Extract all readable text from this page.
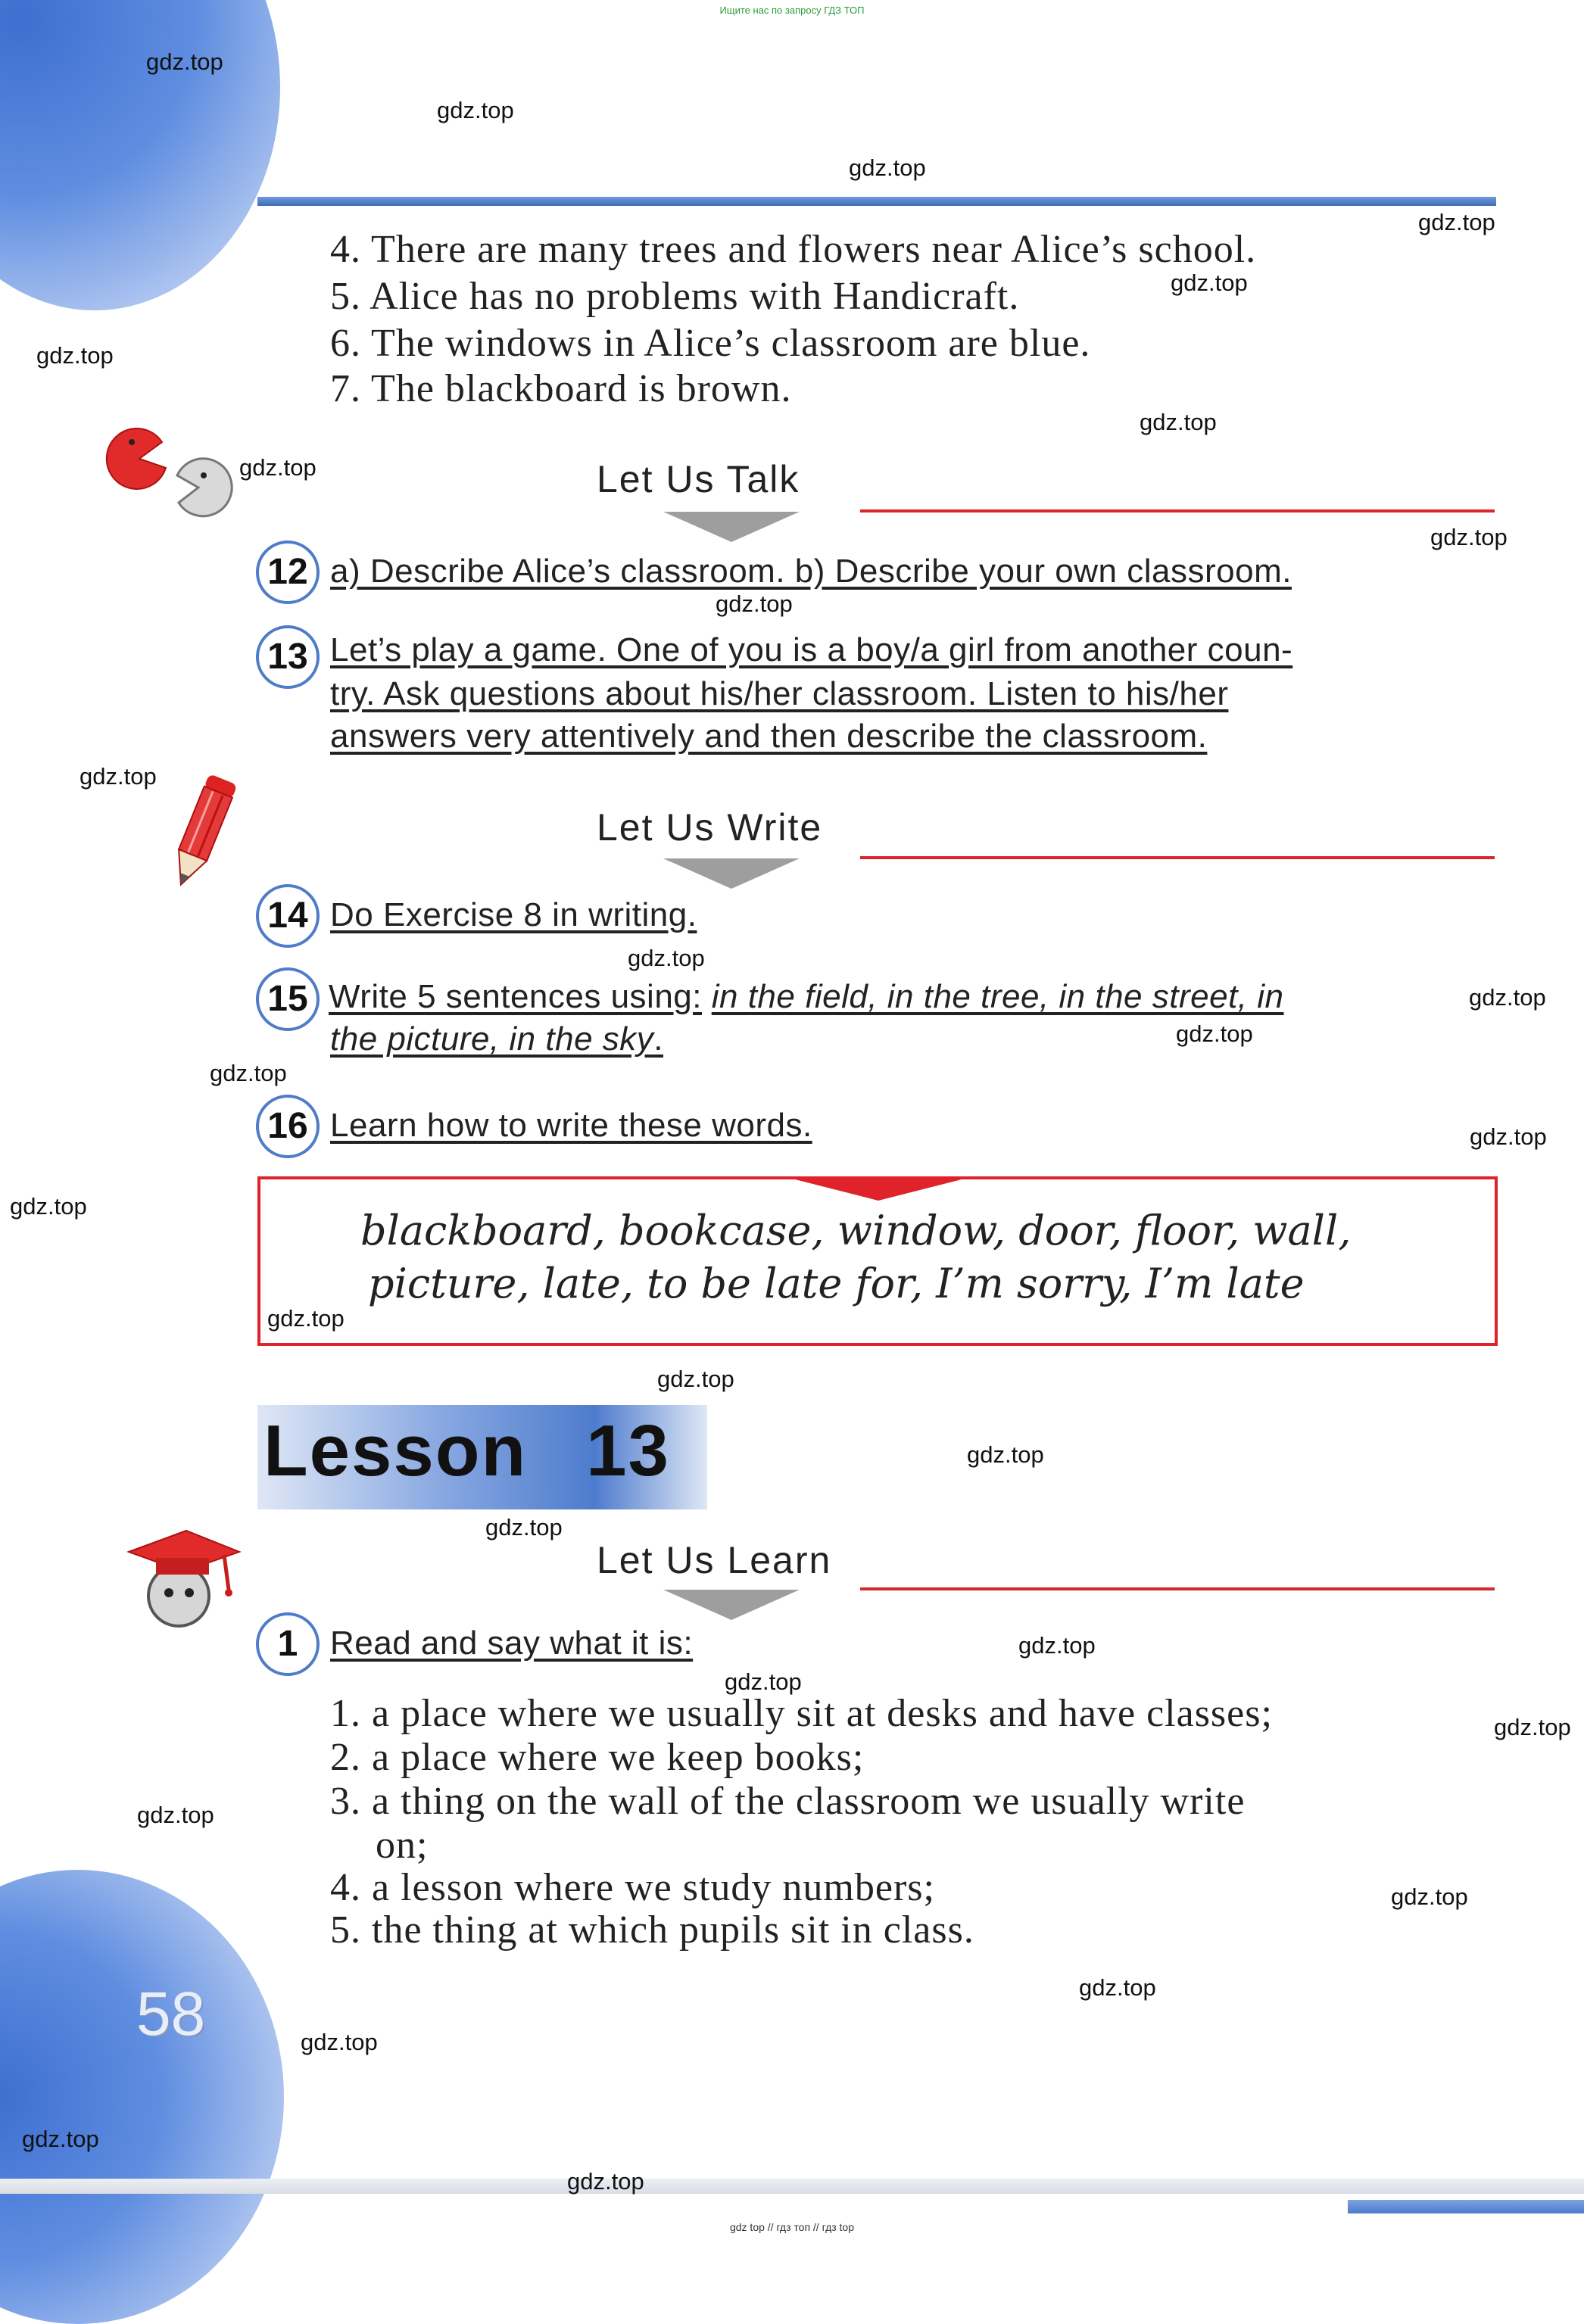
Ищите нас по запросу ГДЗ ТОП
4. There are many trees and flowers near Alice’s school.
5. Alice has no problems with Handicraft.
6. The windows in Alice’s classroom are blue.
7. The blackboard is brown.
Let Us Talk
12 a) Describe Alice’s classroom. b) Describe your own classroom.
13 Let’s play a game. One of you is a boy/a girl from another coun-
try. Ask questions about his/her classroom. Listen to his/her
answers very attentively and then describe the classroom.
Let Us Write
14 Do Exercise 8 in writing.
15 Write 5 sentences using: in the field, in the tree, in the street, in
the picture, in the sky.
16 Learn how to write these words.
blackboard, bookcase, window, door, floor, wall,
picture, late, to be late for, I’m sorry, I’m late
Lesson 13
Let Us Learn
1 Read and say what it is:
1. a place where we usually sit at desks and have classes;
2. a place where we keep books;
3. a thing on the wall of the classroom we usually write
on;
4. a lesson where we study numbers;
5. the thing at which pupils sit in class.
58
gdz top // гдз топ // гдз top
gdz.top
gdz.top
gdz.top
gdz.top
gdz.top
gdz.top
gdz.top
gdz.top
gdz.top
gdz.top
gdz.top
gdz.top
gdz.top
gdz.top
gdz.top
gdz.top
gdz.top
gdz.top
gdz.top
gdz.top
gdz.top
gdz.top
gdz.top
gdz.top
gdz.top
gdz.top
gdz.top
gdz.top
gdz.top
gdz.top
